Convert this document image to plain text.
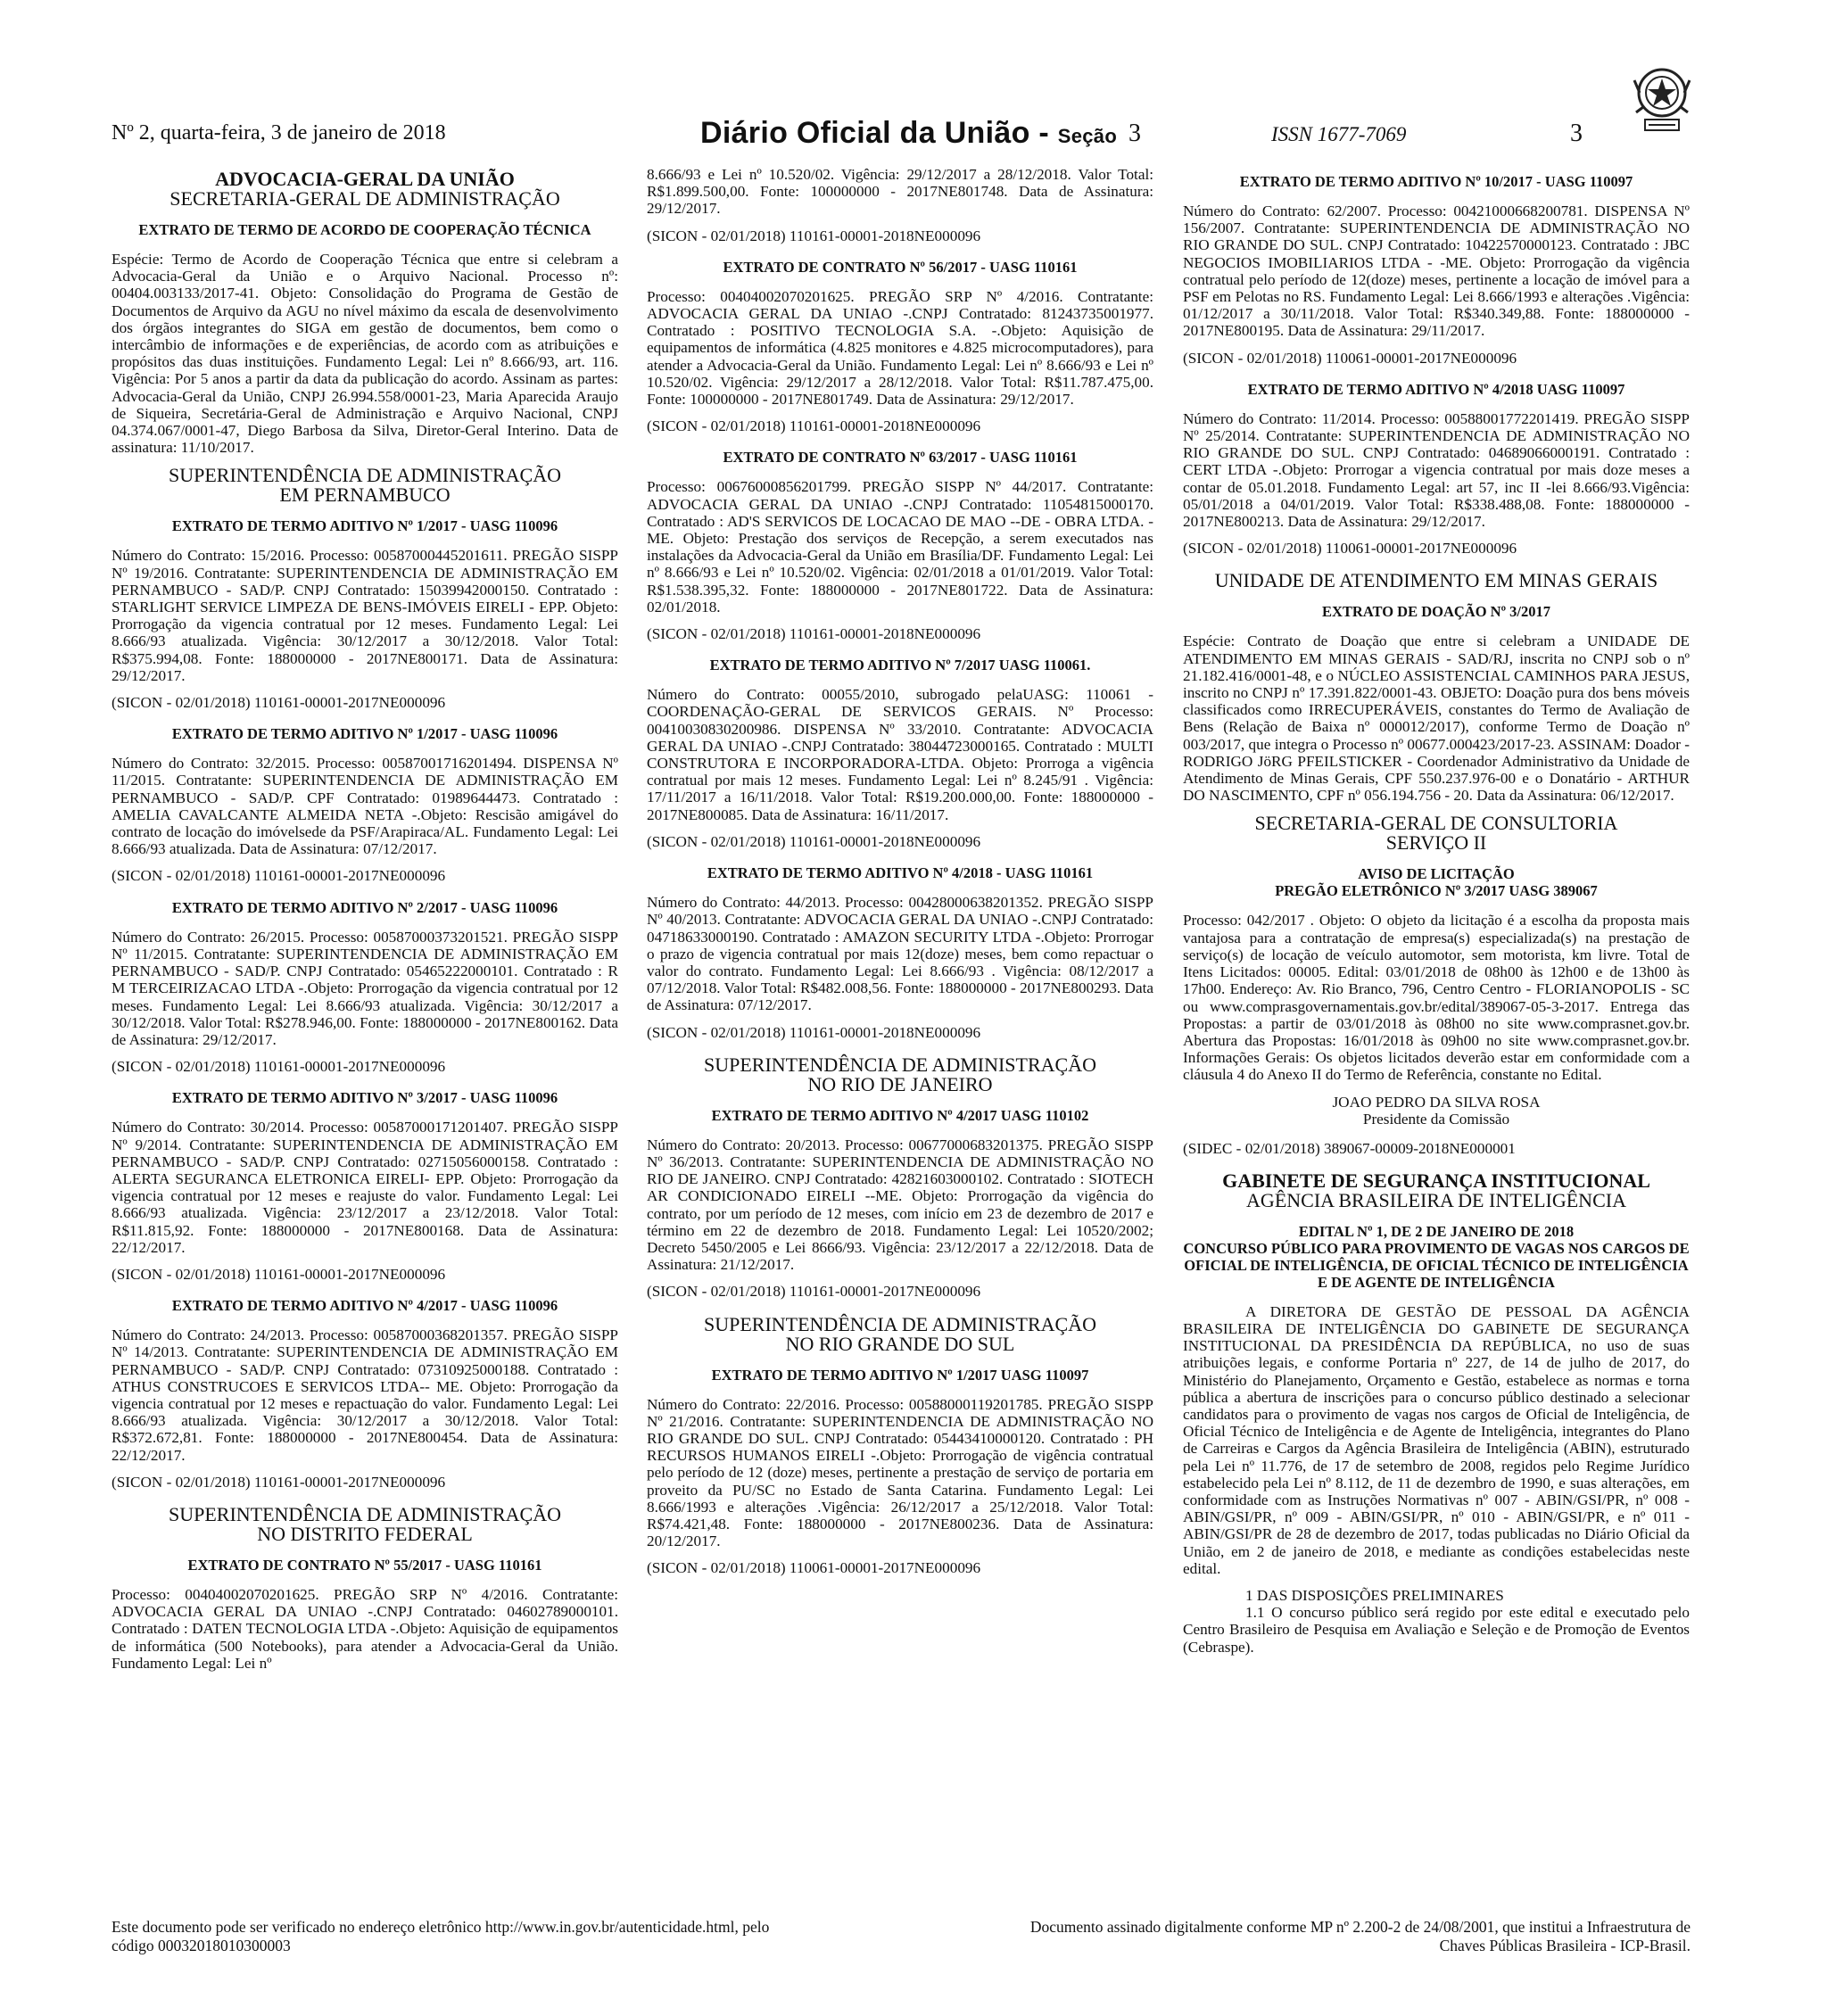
Nº 2, quarta-feira, 3 de janeiro de 2018	Diário Oficial da União - Seção 3	ISSN 1677-7069	3
ADVOCACIA-GERAL DA UNIÃO
SECRETARIA-GERAL DE ADMINISTRAÇÃO
EXTRATO DE TERMO DE ACORDO DE COOPERAÇÃO TÉCNICA

Espécie: Termo de Acordo de Cooperação Técnica que entre si celebram a Advocacia-Geral da União e o Arquivo Nacional. Processo nº: 00404.003133/2017-41. Objeto: Consolidação do Programa de Gestão de Documentos de Arquivo da AGU no nível máximo da escala de desenvolvimento dos órgãos integrantes do SIGA em gestão de documentos, bem como o intercâmbio de informações e de experiências, de acordo com as atribuições e propósitos das duas instituições. Fundamento Legal: Lei nº 8.666/93, art. 116. Vigência: Por 5 anos a partir da data da publicação do acordo. Assinam as partes: Advocacia-Geral da União, CNPJ 26.994.558/0001-23, Maria Aparecida Araujo de Siqueira, Secretária-Geral de Administração e Arquivo Nacional, CNPJ 04.374.067/0001-47, Diego Barbosa da Silva, Diretor-Geral Interino. Data de assinatura: 11/10/2017.

SUPERINTENDÊNCIA DE ADMINISTRAÇÃO
EM PERNAMBUCO
EXTRATO DE TERMO ADITIVO Nº 1/2017 - UASG 110096

Número do Contrato: 15/2016. Processo: 00587000445201611. PREGÃO SISPP Nº 19/2016. Contratante: SUPERINTENDENCIA DE ADMINISTRAÇÃO EM PERNAMBUCO - SAD/P. CNPJ Contratado: 15039942000150. Contratado : STARLIGHT SERVICE LIMPEZA DE BENS-IMÓVEIS EIRELI - EPP. Objeto: Prorrogação da vigencia contratual por 12 meses. Fundamento Legal: Lei 8.666/93 atualizada. Vigência: 30/12/2017 a 30/12/2018. Valor Total: R$375.994,08. Fonte: 188000000 - 2017NE800171. Data de Assinatura: 29/12/2017.

(SICON - 02/01/2018) 110161-00001-2017NE000096

EXTRATO DE TERMO ADITIVO Nº 1/2017 - UASG 110096

Número do Contrato: 32/2015. Processo: 00587001716201494. DISPENSA Nº 11/2015. Contratante: SUPERINTENDENCIA DE ADMINISTRAÇÃO EM PERNAMBUCO - SAD/P. CPF Contratado: 01989644473. Contratado : AMELIA CAVALCANTE ALMEIDA NETA -.Objeto: Rescisão amigável do contrato de locação do imóvelsede da PSF/Arapiraca/AL. Fundamento Legal: Lei 8.666/93 atualizada. Data de Assinatura: 07/12/2017.

(SICON - 02/01/2018) 110161-00001-2017NE000096

EXTRATO DE TERMO ADITIVO Nº 2/2017 - UASG 110096

Número do Contrato: 26/2015. Processo: 00587000373201521. PREGÃO SISPP Nº 11/2015. Contratante: SUPERINTENDENCIA DE ADMINISTRAÇÃO EM PERNAMBUCO - SAD/P. CNPJ Contratado: 05465222000101. Contratado : R M TERCEIRIZACAO LTDA -.Objeto: Prorrogação da vigencia contratual por 12 meses. Fundamento Legal: Lei 8.666/93 atualizada. Vigência: 30/12/2017 a 30/12/2018. Valor Total: R$278.946,00. Fonte: 188000000 - 2017NE800162. Data de Assinatura: 29/12/2017.

(SICON - 02/01/2018) 110161-00001-2017NE000096

EXTRATO DE TERMO ADITIVO Nº 3/2017 - UASG 110096

Número do Contrato: 30/2014. Processo: 00587000171201407. PREGÃO SISPP Nº 9/2014. Contratante: SUPERINTENDENCIA DE ADMINISTRAÇÃO EM PERNAMBUCO - SAD/P. CNPJ Contratado: 02715056000158. Contratado : ALERTA SEGURANCA ELETRONICA EIRELI- EPP. Objeto: Prorrogação da vigencia contratual por 12 meses e reajuste do valor. Fundamento Legal: Lei 8.666/93 atualizada. Vigência: 23/12/2017 a 23/12/2018. Valor Total: R$11.815,92. Fonte: 188000000 - 2017NE800168. Data de Assinatura: 22/12/2017.

(SICON - 02/01/2018) 110161-00001-2017NE000096

EXTRATO DE TERMO ADITIVO Nº 4/2017 - UASG 110096

Número do Contrato: 24/2013. Processo: 00587000368201357. PREGÃO SISPP Nº 14/2013. Contratante: SUPERINTENDENCIA DE ADMINISTRAÇÃO EM PERNAMBUCO - SAD/P. CNPJ Contratado: 07310925000188. Contratado : ATHUS CONSTRUCOES E SERVICOS LTDA-- ME. Objeto: Prorrogação da vigencia contratual por 12 meses e repactuação do valor. Fundamento Legal: Lei 8.666/93 atualizada. Vigência: 30/12/2017 a 30/12/2018. Valor Total: R$372.672,81. Fonte: 188000000 - 2017NE800454. Data de Assinatura: 22/12/2017.

(SICON - 02/01/2018) 110161-00001-2017NE000096

SUPERINTENDÊNCIA DE ADMINISTRAÇÃO
NO DISTRITO FEDERAL
EXTRATO DE CONTRATO Nº 55/2017 - UASG 110161

Processo: 00404002070201625. PREGÃO SRP Nº 4/2016. Contratante: ADVOCACIA GERAL DA UNIAO -.CNPJ Contratado: 04602789000101. Contratado : DATEN TECNOLOGIA LTDA -.Objeto: Aquisição de equipamentos de informática (500 Notebooks), para atender a Advocacia-Geral da União. Fundamento Legal: Lei nº

8.666/93 e Lei nº 10.520/02. Vigência: 29/12/2017 a 28/12/2018. Valor Total: R$1.899.500,00. Fonte: 100000000 - 2017NE801748. Data de Assinatura: 29/12/2017.

(SICON - 02/01/2018) 110161-00001-2018NE000096

EXTRATO DE CONTRATO Nº 56/2017 - UASG 110161

Processo: 00404002070201625. PREGÃO SRP Nº 4/2016. Contratante: ADVOCACIA GERAL DA UNIAO -.CNPJ Contratado: 81243735001977. Contratado : POSITIVO TECNOLOGIA S.A. -.Objeto: Aquisição de equipamentos de informática (4.825 monitores e 4.825 microcomputadores), para atender a Advocacia-Geral da União. Fundamento Legal: Lei nº 8.666/93 e Lei nº 10.520/02. Vigência: 29/12/2017 a 28/12/2018. Valor Total: R$11.787.475,00. Fonte: 100000000 - 2017NE801749. Data de Assinatura: 29/12/2017.

(SICON - 02/01/2018) 110161-00001-2018NE000096

EXTRATO DE CONTRATO Nº 63/2017 - UASG 110161

Processo: 00676000856201799. PREGÃO SISPP Nº 44/2017. Contratante: ADVOCACIA GERAL DA UNIAO -.CNPJ Contratado: 11054815000170. Contratado : AD'S SERVICOS DE LOCACAO DE MAO --DE - OBRA LTDA. - ME. Objeto: Prestação dos serviços de Recepção, a serem executados nas instalações da Advocacia-Geral da União em Brasília/DF. Fundamento Legal: Lei nº 8.666/93 e Lei nº 10.520/02. Vigência: 02/01/2018 a 01/01/2019. Valor Total: R$1.538.395,32. Fonte: 188000000 - 2017NE801722. Data de Assinatura: 02/01/2018.

(SICON - 02/01/2018) 110161-00001-2018NE000096

EXTRATO DE TERMO ADITIVO Nº 7/2017 UASG 110061.

Número do Contrato: 00055/2010, subrogado pelaUASG: 110061 - COORDENAÇÃO-GERAL DE SERVICOS GERAIS. Nº Processo: 00410030830200986. DISPENSA Nº 33/2010. Contratante: ADVOCACIA GERAL DA UNIAO -.CNPJ Contratado: 38044723000165. Contratado : MULTI CONSTRUTORA E INCORPORADORA-LTDA. Objeto: Prorroga a vigência contratual por mais 12 meses. Fundamento Legal: Lei nº 8.245/91 . Vigência: 17/11/2017 a 16/11/2018. Valor Total: R$19.200.000,00. Fonte: 188000000 - 2017NE800085. Data de Assinatura: 16/11/2017.

(SICON - 02/01/2018) 110161-00001-2018NE000096

EXTRATO DE TERMO ADITIVO Nº 4/2018 - UASG 110161

Número do Contrato: 44/2013. Processo: 00428000638201352. PREGÃO SISPP Nº 40/2013. Contratante: ADVOCACIA GERAL DA UNIAO -.CNPJ Contratado: 04718633000190. Contratado : AMAZON SECURITY LTDA -.Objeto: Prorrogar o prazo de vigencia contratual por mais 12(doze) meses, bem como repactuar o valor do contrato. Fundamento Legal: Lei 8.666/93 . Vigência: 08/12/2017 a 07/12/2018. Valor Total: R$482.008,56. Fonte: 188000000 - 2017NE800293. Data de Assinatura: 07/12/2017.

(SICON - 02/01/2018) 110161-00001-2018NE000096

SUPERINTENDÊNCIA DE ADMINISTRAÇÃO
NO RIO DE JANEIRO
EXTRATO DE TERMO ADITIVO Nº 4/2017 UASG 110102

Número do Contrato: 20/2013. Processo: 00677000683201375. PREGÃO SISPP Nº 36/2013. Contratante: SUPERINTENDENCIA DE ADMINISTRAÇÃO NO RIO DE JANEIRO. CNPJ Contratado: 42821603000102. Contratado : SIOTECH AR CONDICIONADO EIRELI --ME. Objeto: Prorrogação da vigência do contrato, por um período de 12 meses, com início em 23 de dezembro de 2017 e término em 22 de dezembro de 2018. Fundamento Legal: Lei 10520/2002; Decreto 5450/2005 e Lei 8666/93. Vigência: 23/12/2017 a 22/12/2018. Data de Assinatura: 21/12/2017.

(SICON - 02/01/2018) 110161-00001-2017NE000096

SUPERINTENDÊNCIA DE ADMINISTRAÇÃO
NO RIO GRANDE DO SUL
EXTRATO DE TERMO ADITIVO Nº 1/2017 UASG 110097

Número do Contrato: 22/2016. Processo: 00588000119201785. PREGÃO SISPP Nº 21/2016. Contratante: SUPERINTENDENCIA DE ADMINISTRAÇÃO NO RIO GRANDE DO SUL. CNPJ Contratado: 05443410000120. Contratado : PH RECURSOS HUMANOS EIRELI -.Objeto: Prorrogação de vigência contratual pelo período de 12 (doze) meses, pertinente a prestação de serviço de portaria em proveito da PU/SC no Estado de Santa Catarina. Fundamento Legal: Lei 8.666/1993 e alterações .Vigência: 26/12/2017 a 25/12/2018. Valor Total: R$74.421,48. Fonte: 188000000 - 2017NE800236. Data de Assinatura: 20/12/2017.

(SICON - 02/01/2018) 110061-00001-2017NE000096

EXTRATO DE TERMO ADITIVO Nº 10/2017 - UASG 110097

Número do Contrato: 62/2007. Processo: 00421000668200781. DISPENSA Nº 156/2007. Contratante: SUPERINTENDENCIA DE ADMINISTRAÇÃO NO RIO GRANDE DO SUL. CNPJ Contratado: 10422570000123. Contratado : JBC NEGOCIOS IMOBILIARIOS LTDA - -ME. Objeto: Prorrogação da vigência contratual pelo período de 12(doze) meses, pertinente a locação de imóvel para a PSF em Pelotas no RS. Fundamento Legal: Lei 8.666/1993 e alterações .Vigência: 01/12/2017 a 30/11/2018. Valor Total: R$340.349,88. Fonte: 188000000 - 2017NE800195. Data de Assinatura: 29/11/2017.

(SICON - 02/01/2018) 110061-00001-2017NE000096

EXTRATO DE TERMO ADITIVO Nº 4/2018 UASG 110097

Número do Contrato: 11/2014. Processo: 00588001772201419. PREGÃO SISPP Nº 25/2014. Contratante: SUPERINTENDENCIA DE ADMINISTRAÇÃO NO RIO GRANDE DO SUL. CNPJ Contratado: 04689066000191. Contratado : CERT LTDA -.Objeto: Prorrogar a vigencia contratual por mais doze meses a contar de 05.01.2018. Fundamento Legal: art 57, inc II -lei 8.666/93.Vigência: 05/01/2018 a 04/01/2019. Valor Total: R$338.488,08. Fonte: 188000000 - 2017NE800213. Data de Assinatura: 29/12/2017.

(SICON - 02/01/2018) 110061-00001-2017NE000096

UNIDADE DE ATENDIMENTO EM MINAS GERAIS
EXTRATO DE DOAÇÃO Nº 3/2017

Espécie: Contrato de Doação que entre si celebram a UNIDADE DE ATENDIMENTO EM MINAS GERAIS - SAD/RJ, inscrita no CNPJ sob o nº 21.182.416/0001-48, e o NÚCLEO ASSISTENCIAL CAMINHOS PARA JESUS, inscrito no CNPJ nº 17.391.822/0001-43. OBJETO: Doação pura dos bens móveis classificados como IRRECUPERÁVEIS, constantes do Termo de Avaliação de Bens (Relação de Baixa nº 000012/2017), conforme Termo de Doação nº 003/2017, que integra o Processo nº 00677.000423/2017-23. ASSINAM: Doador - RODRIGO JöRG PFEILSTICKER - Coordenador Administrativo da Unidade de Atendimento de Minas Gerais, CPF 550.237.976-00 e o Donatário - ARTHUR DO NASCIMENTO, CPF nº 056.194.756 - 20. Data da Assinatura: 06/12/2017.

SECRETARIA-GERAL DE CONSULTORIA
SERVIÇO II
AVISO DE LICITAÇÃO
PREGÃO ELETRÔNICO Nº 3/2017 UASG 389067

Processo: 042/2017 . Objeto: O objeto da licitação é a escolha da proposta mais vantajosa para a contratação de empresa(s) especializada(s) na prestação de serviço(s) de locação de veículo automotor, sem motorista, km livre. Total de Itens Licitados: 00005. Edital: 03/01/2018 de 08h00 às 12h00 e de 13h00 às 17h00. Endereço: Av. Rio Branco, 796, Centro Centro - FLORIANOPOLIS - SC ou www.comprasgovernamentais.gov.br/edital/389067-05-3-2017. Entrega das Propostas: a partir de 03/01/2018 às 08h00 no site www.comprasnet.gov.br. Abertura das Propostas: 16/01/2018 às 09h00 no site www.comprasnet.gov.br. Informações Gerais: Os objetos licitados deverão estar em conformidade com a cláusula 4 do Anexo II do Termo de Referência, constante no Edital.

JOAO PEDRO DA SILVA ROSA
Presidente da Comissão

(SIDEC - 02/01/2018) 389067-00009-2018NE000001

GABINETE DE SEGURANÇA INSTITUCIONAL
AGÊNCIA BRASILEIRA DE INTELIGÊNCIA
EDITAL Nº 1, DE 2 DE JANEIRO DE 2018
CONCURSO PÚBLICO PARA PROVIMENTO DE VAGAS NOS CARGOS DE OFICIAL DE INTELIGÊNCIA, DE OFICIAL TÉCNICO DE INTELIGÊNCIA E DE AGENTE DE INTELIGÊNCIA

A DIRETORA DE GESTÃO DE PESSOAL DA AGÊNCIA BRASILEIRA DE INTELIGÊNCIA DO GABINETE DE SEGURANÇA INSTITUCIONAL DA PRESIDÊNCIA DA REPÚBLICA, no uso de suas atribuições legais, e conforme Portaria nº 227, de 14 de julho de 2017, do Ministério do Planejamento, Orçamento e Gestão, estabelece as normas e torna pública a abertura de inscrições para o concurso público destinado a selecionar candidatos para o provimento de vagas nos cargos de Oficial de Inteligência, de Oficial Técnico de Inteligência e de Agente de Inteligência, integrantes do Plano de Carreiras e Cargos da Agência Brasileira de Inteligência (ABIN), estruturado pela Lei nº 11.776, de 17 de setembro de 2008, regidos pelo Regime Jurídico estabelecido pela Lei nº 8.112, de 11 de dezembro de 1990, e suas alterações, em conformidade com as Instruções Normativas nº 007 - ABIN/GSI/PR, nº 008 - ABIN/GSI/PR, nº 009 - ABIN/GSI/PR, nº 010 - ABIN/GSI/PR, e nº 011 - ABIN/GSI/PR de 28 de dezembro de 2017, todas publicadas no Diário Oficial da União, em 2 de janeiro de 2018, e mediante as condições estabelecidas neste edital.

1 DAS DISPOSIÇÕES PRELIMINARES

1.1 O concurso público será regido por este edital e executado pelo Centro Brasileiro de Pesquisa em Avaliação e Seleção e de Promoção de Eventos (Cebraspe).

Este documento pode ser verificado no endereço eletrônico http://www.in.gov.br/autenticidade.html, pelo código 00032018010300003
Documento assinado digitalmente conforme MP nº 2.200-2 de 24/08/2001, que institui a Infraestrutura de Chaves Públicas Brasileira - ICP-Brasil.
